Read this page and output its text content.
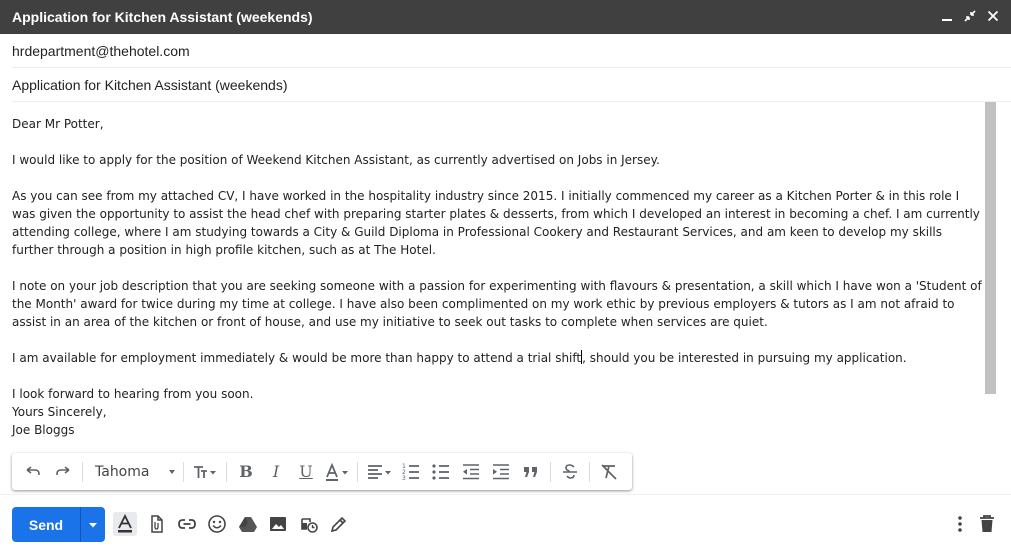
Application for Kitchen Assistant (weekends)
hrdepartment@thehotel.com
Application for Kitchen Assistant (weekends)

Dear Mr Potter,

I would like to apply for the position of Weekend Kitchen Assistant, as currently advertised on Jobs in Jersey.

As you can see from my attached CV, I have worked in the hospitality industry since 2015. I initially commenced my career as a Kitchen Porter & in this role I was given the opportunity to assist the head chef with preparing starter plates & desserts, from which I developed an interest in becoming a chef. I am currently attending college, where I am studying towards a City & Guild Diploma in Professional Cookery and Restaurant Services, and am keen to develop my skills further through a position in high profile kitchen, such as at The Hotel.

I note on your job description that you are seeking someone with a passion for experimenting with flavours & presentation, a skill which I have won a 'Student of the Month' award for twice during my time at college. I have also been complimented on my work ethic by previous employers & tutors as I am not afraid to assist in an area of the kitchen or front of house, and use my initiative to seek out tasks to complete when services are quiet.

I am available for employment immediately & would be more than happy to attend a trial shift, should you be interested in pursuing my application.

I look forward to hearing from you soon.

Yours Sincerely,

Joe Bloggs

Tahoma	B	I	U	1
2
3
Send
